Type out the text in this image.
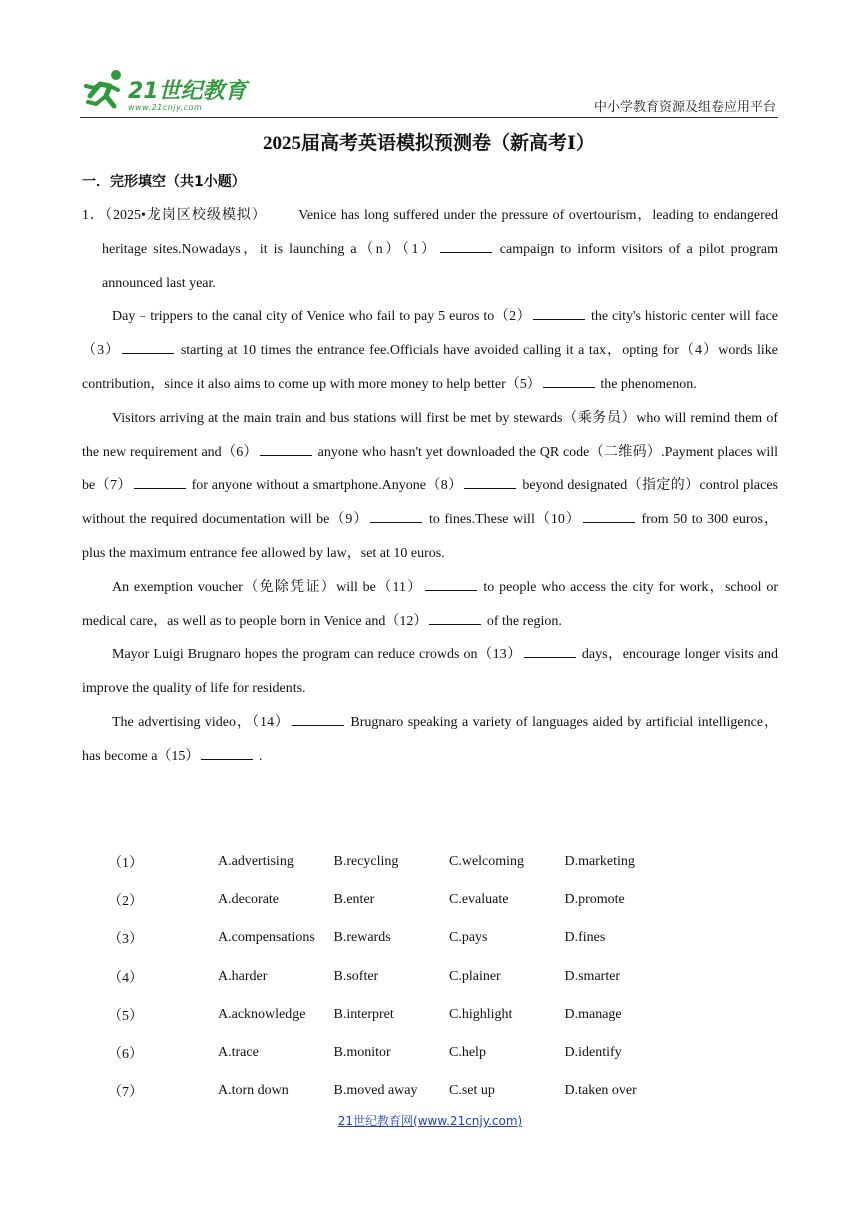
21世纪教育
www.21cnjy.com	中小学教育资源及组卷应用平台
2025届高考英语模拟预测卷（新高考Ⅰ）
一．完形填空（共1小题）

1．（2025•龙岗区校级模拟） Venice has long suffered under the pressure of overtourism，leading to endangered heritage sites.Nowadays，it is launching a（n）（1）	campaign to inform visitors of a pilot program announced last year.

Day﹣trippers to the canal city of Venice who fail to pay 5 euros to（2）	the city's historic center will face（3）	starting at 10 times the entrance fee.Officials have avoided calling it a tax，opting for（4）words like contribution，since it also aims to come up with more money to help better（5）	the phenomenon.

Visitors arriving at the main train and bus stations will first be met by stewards（乘务员）who will remind them of the new requirement and（6）	anyone who hasn't yet downloaded the QR code（二维码）.Payment places will be（7）	for anyone without a smartphone.Anyone（8）	beyond designated（指定的）control places without the required documentation will be（9）	to fines.These will（10）	from 50 to 300 euros，plus the maximum entrance fee allowed by law，set at 10 euros.

An exemption voucher（免除凭证）will be（11）	to people who access the city for work，school or medical care，as well as to people born in Venice and（12）	of the region.

Mayor Luigi Brugnaro hopes the program can reduce crowds on（13）	days，encourage longer visits and improve the quality of life for residents.

The advertising video，（14）	Brugnaro speaking a variety of languages aided by artificial intelligence，has become a（15）	.

（1）	A.advertising	B.recycling	C.welcoming	D.marketing
（2）	A.decorate	B.enter	C.evaluate	D.promote
（3）	A.compensations	B.rewards	C.pays	D.fines
（4）	A.harder	B.softer	C.plainer	D.smarter
（5）	A.acknowledge	B.interpret	C.highlight	D.manage
（6）	A.trace	B.monitor	C.help	D.identify
（7）	A.torn down	B.moved away	C.set up	D.taken over
21世纪教育网(www.21cnjy.com)
